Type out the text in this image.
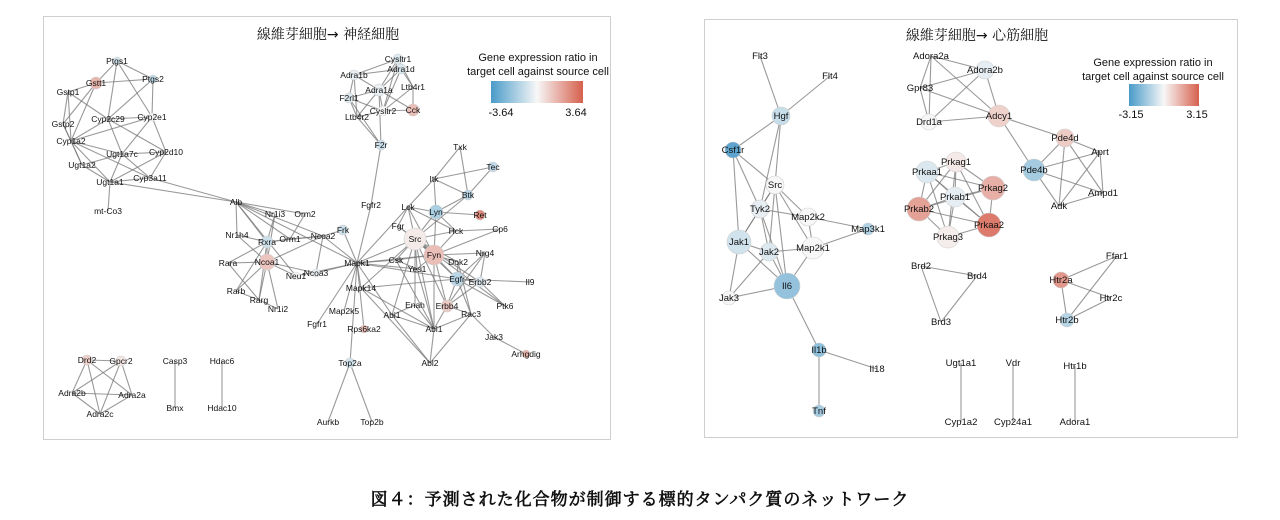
線維芽細胞→ 神経細胞
Gene expression ratio in
target cell against source cell
-3.64	3.64
Ptgs1
Ptgs2
Gstt1
Gstp1
Cyp2c29 Cyp2e1
Gstp2
Cyp1a2
Ugt1a7c Cyp2d10
Ugt1a2
Ugt1a1 Cyp3a11
mt-Co3
Cysltr1
Adra1b
Adra1d
Ltb4r1
F2rl1
Adra1a
Ltb4r2
Cysltr2 Cck
F2r
Alb
Nr1i3 Orm2
Nr1h4
Rxra Orm1 Ncoa2
Rara Ncoa1
Neu1
Ncoa3
Rarb
Rarg
Nr1i2
Frk
Fgfr2
Mapk1
Lck
Fgr
Txk
Itk
Tec
Btk
Lyn	Ret
Src
Hck	Cp6
Fyn
Csk
Nrg4
Dok2
Yes1
Egfr Erbb2	Il9
Mapk14
Map2k5
Enah Erbb4	Ptk6
Abi1	Rac3
Fgfr1 Rps6ka2	Abl1
Jak3
Arhgdig
Abl2
Top2a
Aurkb	Top2b
Drd2 Gpcr2
Adra2b	Adra2a
Adra2c
Casp3
Bmx
Hdac6
Hdac10
線維芽細胞→ 心筋細胞
Gene expression ratio in
target cell against source cell
-3.15	3.15
Flt3
Flt4
Hgf
Csf1r
Src
Tyk2
Map2k2
Jak1
Jak2 Map2k1
Map3k1
Il6
Jak3
Il1b
Il18
Tnf
Adora2a
Adora2b
Gpr83
Drd1a
Adcy1
Pde4d
Aprt
Pde4b
Ampd1
Adk
Prkag1
Prkaa1
Prkag2
Prkab1
Prkab2
Prkaa2
Prkag3
Brd2
Brd4
Brd3
Ffar1
Htr2a
Htr2c
Htr2b
Ugt1a1
Cyp1a2
Vdr
Cyp24a1
Htr1b
Adora1
図４：予測された化合物が制御する標的タンパク質のネットワーク
